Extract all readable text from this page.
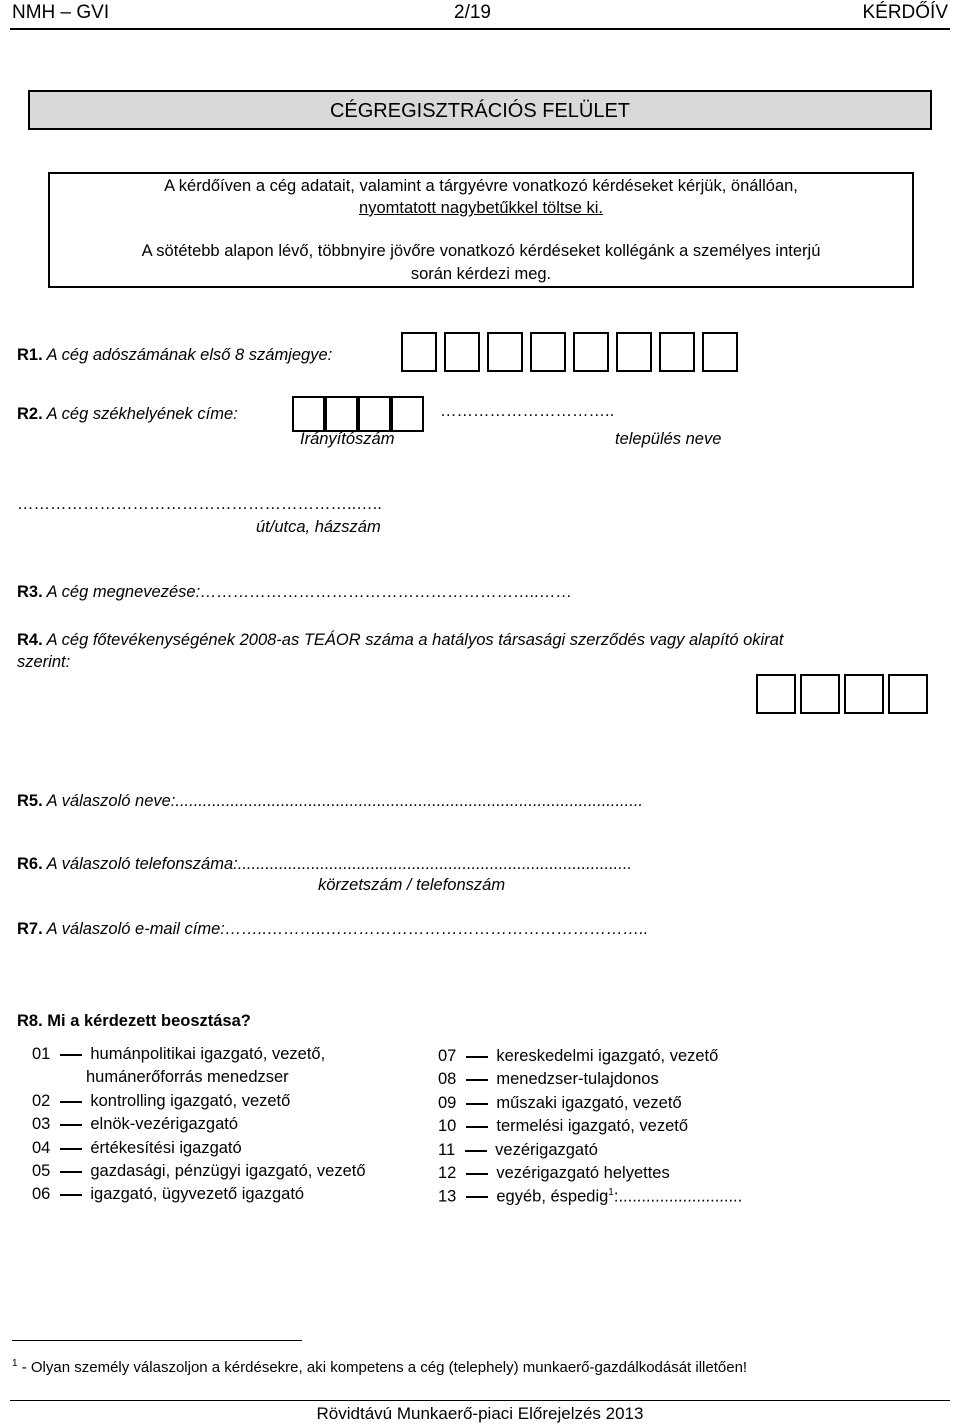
NMH – GVI	2/19	KÉRDŐÍV
CÉGREGISZTRÁCIÓS FELÜLET
A kérdőíven a cég adatait, valamint a tárgyévre vonatkozó kérdéseket kérjük, önállóan,
nyomtatott nagybetűkkel töltse ki.
A sötétebb alapon lévő, többnyire jövőre vonatkozó kérdéseket kollégánk a személyes interjú
során kérdezi meg.
R1. A cég adószámának első 8 számjegye:
R2. A cég székhelyének címe:	…………………………..
Irányítószám	település neve
……………………………………………………..…..
út/utca, házszám
R3. A cég megnevezése:……………………………………………………..……
R4. A cég főtevékenységének 2008-as TEÁOR száma a hatályos társasági szerződés vagy alapító okirat
szerint:
R5. A válaszoló neve:......................................................................................................
R6. A válaszoló telefonszáma:......................................................................................
körzetszám / telefonszám
R7. A válaszoló e-mail címe:……..………..…………………………………………………..
R8. Mi a kérdezett beosztása?
01 humánpolitikai igazgató, vezető,
humánerőforrás menedzser
02 kontrolling igazgató, vezető
03 elnök-vezérigazgató
04 értékesítési igazgató
05 gazdasági, pénzügyi igazgató, vezető
06 igazgató, ügyvezető igazgató
07 kereskedelmi igazgató, vezető
08 menedzser-tulajdonos
09 műszaki igazgató, vezető
10 termelési igazgató, vezető
11 vezérigazgató
12 vezérigazgató helyettes
13 egyéb, éspedig$^1$:...........................
$^1$ - Olyan személy válaszoljon a kérdésekre, aki kompetens a cég (telephely) munkaerő-gazdálkodását illetően!
Rövidtávú Munkaerő-piaci Előrejelzés 2013
